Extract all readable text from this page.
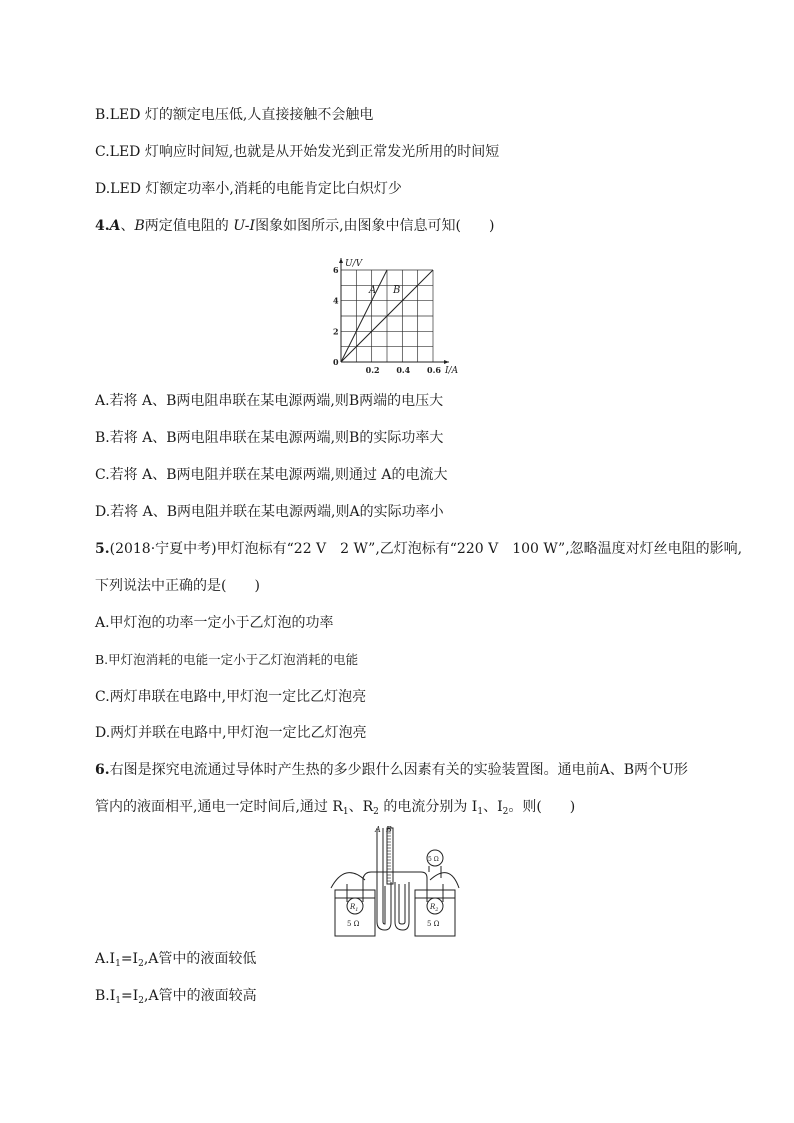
B.LED 灯的额定电压低,人直接接触不会触电
C.LED 灯响应时间短,也就是从开始发光到正常发光所用的时间短
D.LED 灯额定功率小,消耗的电能肯定比白炽灯少
4.A、B两定值电阻的 U-I图象如图所示,由图象中信息可知(　　)
A B
0.2 0.4 0.6
0
2
4
6
U/V
I/A
A.若将 A、B两电阻串联在某电源两端,则B两端的电压大
B.若将 A、B两电阻串联在某电源两端,则B的实际功率大
C.若将 A、B两电阻并联在某电源两端,则通过 A的电流大
D.若将 A、B两电阻并联在某电源两端,则A的实际功率小
5.(2018·宁夏中考)甲灯泡标有“22 V　2 W”,乙灯泡标有“220 V　100 W”,忽略温度对灯丝电阻的影响,
下列说法中正确的是(　　)
A.甲灯泡的功率一定小于乙灯泡的功率
B.甲灯泡消耗的电能一定小于乙灯泡消耗的电能
C.两灯串联在电路中,甲灯泡一定比乙灯泡亮
D.两灯并联在电路中,甲灯泡一定比乙灯泡亮
6.右图是探究电流通过导体时产生热的多少跟什么因素有关的实验装置图。通电前A、B两个U形
管内的液面相平,通电一定时间后,通过 $R_1$、$R_2$ 的电流分别为 $I_1$、$I_2$。则(　　)
A B
$R_1$	$R_2$
5 Ω	5 Ω
5 Ω
$A.I_1=I_2,A$管中的液面较低
$B.I_1=I_2,A$管中的液面较高
